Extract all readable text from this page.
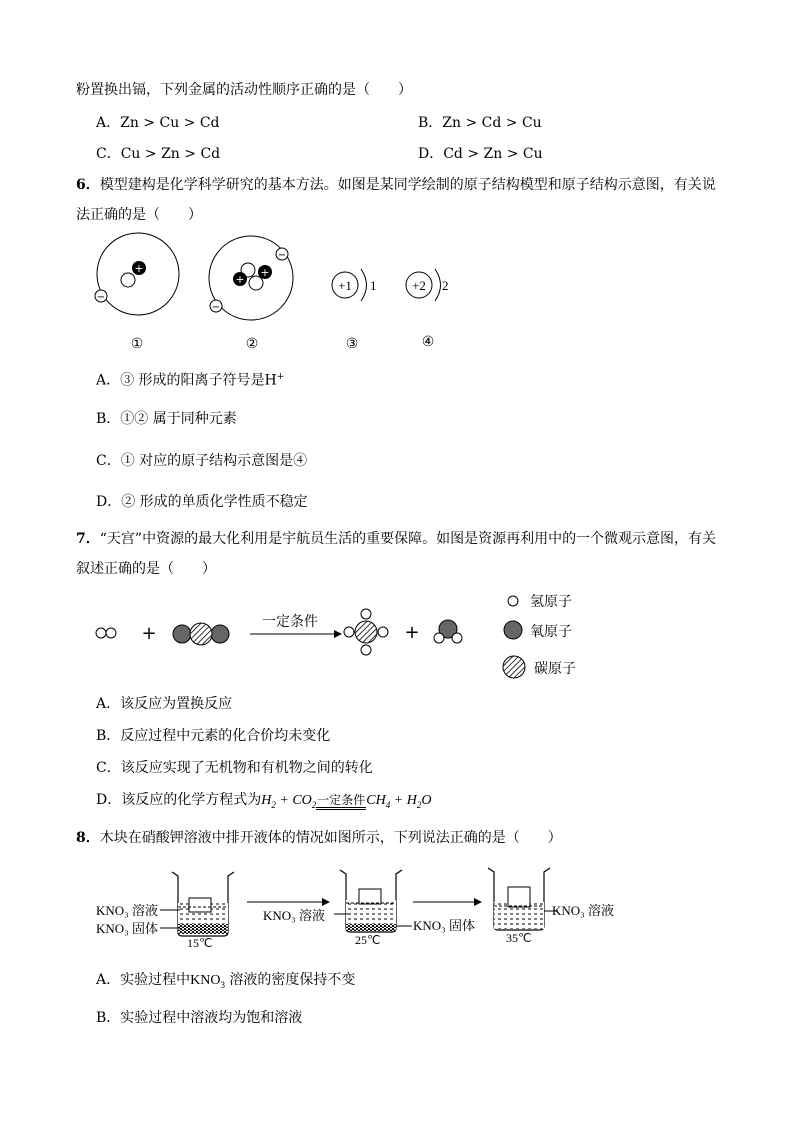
粉置换出镉，下列金属的活动性顺序正确的是（　　）
A．Zn > Cu > Cd	B．Zn > Cd > Cu
C．Cu > Zn > Cd	D．Cd > Zn > Cu
6．模型建构是化学科学研究的基本方法。如图是某同学绘制的原子结构模型和原子结构示意图，有关说
法正确的是（　　）
+
−
+
+
−
−
+1 1	+2 2
①	②	③	④
A．③ 形成的阳离子符号是H+
B．①② 属于同种元素
C．① 对应的原子结构示意图是④
D．② 形成的单质化学性质不稳定
7．“天宫”中资源的最大化利用是宇航员生活的重要保障。如图是资源再利用中的一个微观示意图，有关
叙述正确的是（　　）
+
一定条件	+
氢原子
氧原子
碳原子
A．该反应为置换反应
B．反应过程中元素的化合价均未变化
C．该反应实现了无机物和有机物之间的转化
D．该反应的化学方程式为$H_2 + CO_2$一定条件$CH_4 + H_2O$
8．木块在硝酸钾溶液中排开液体的情况如图所示，下列说法正确的是（　　）
KNO₃ 溶液
KNO₃ 固体
15℃
KNO₃ 溶液
KNO₃ 固体
25℃
KNO₃ 溶液
35℃
A．实验过程中$KNO_3$ 溶液的密度保持不变
B．实验过程中溶液均为饱和溶液
